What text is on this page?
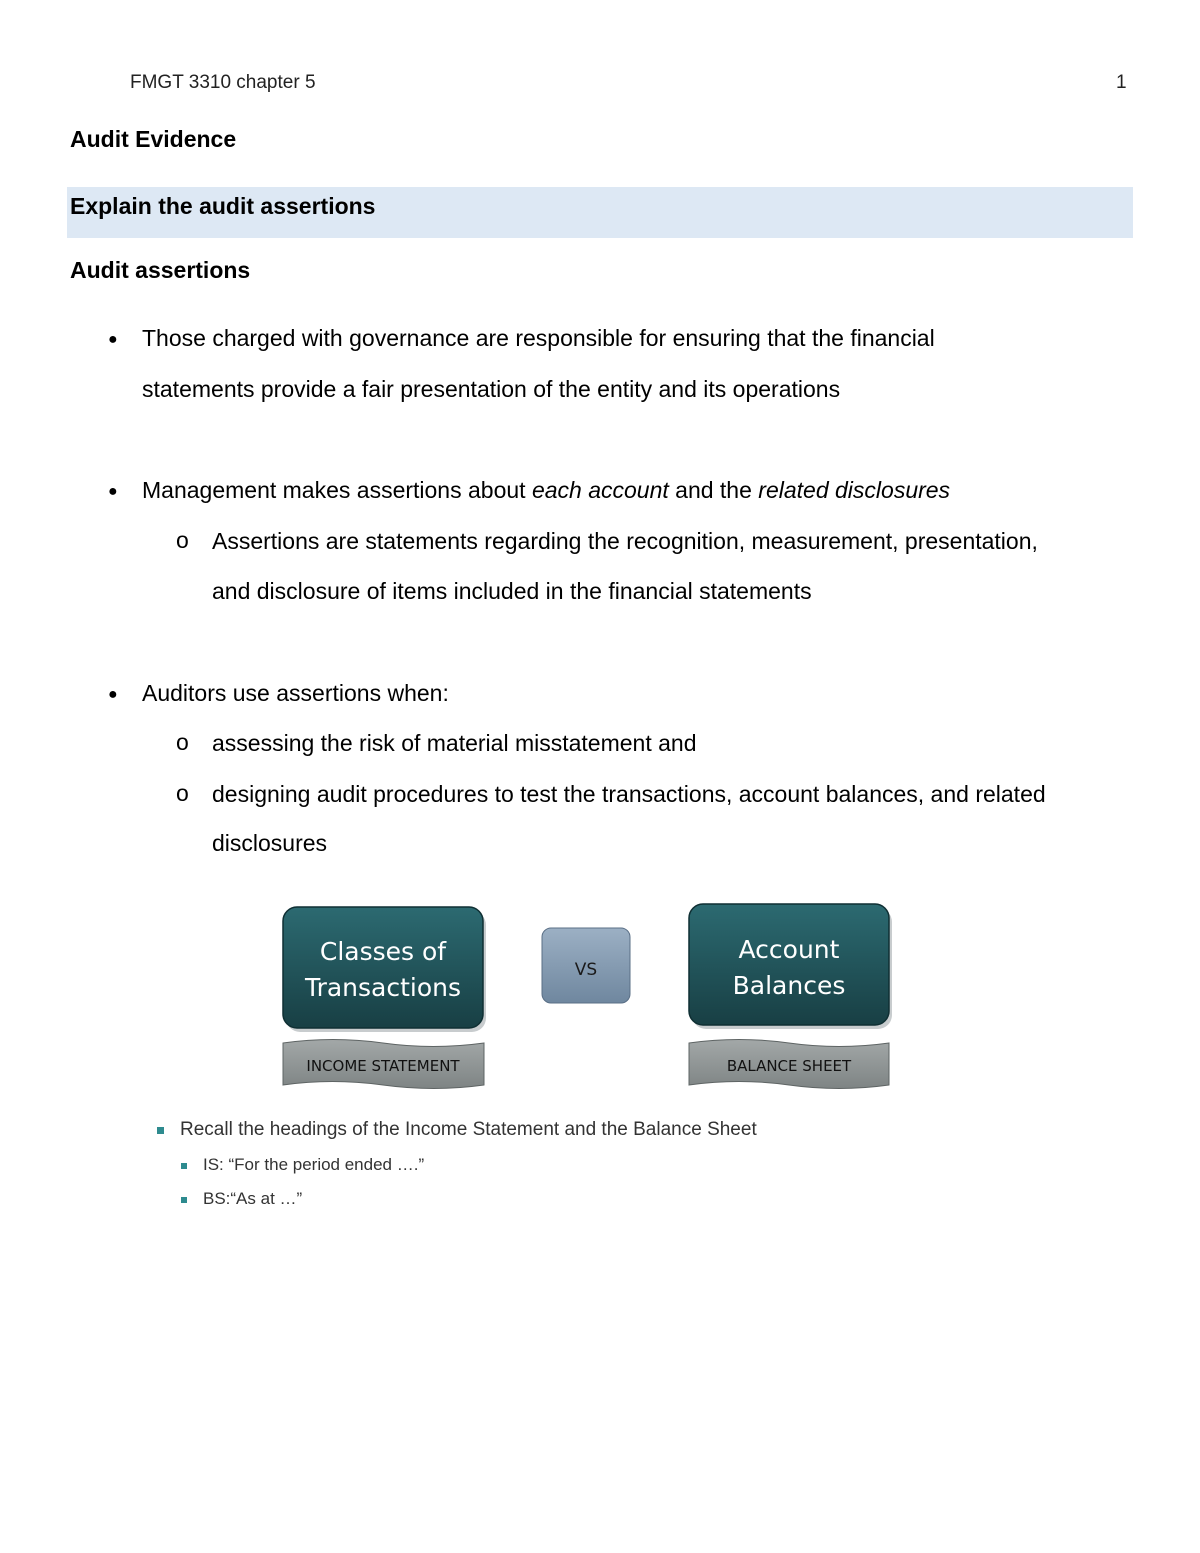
FMGT 3310 chapter 5	1
Audit Evidence
Explain the audit assertions
Audit assertions
● Those charged with governance are responsible for ensuring that the financial
statements provide a fair presentation of the entity and its operations
● Management makes assertions about each account and the related disclosures
o Assertions are statements regarding the recognition, measurement, presentation,
and disclosure of items included in the financial statements
● Auditors use assertions when:
o assessing the risk of material misstatement and
o designing audit procedures to test the transactions, account balances, and related
disclosures
Classes of
Transactions
VS
Account
Balances
INCOME STATEMENT	BALANCE SHEET
Recall the headings of the Income Statement and the Balance Sheet
IS: “For the period ended ….”
BS:“As at …”
